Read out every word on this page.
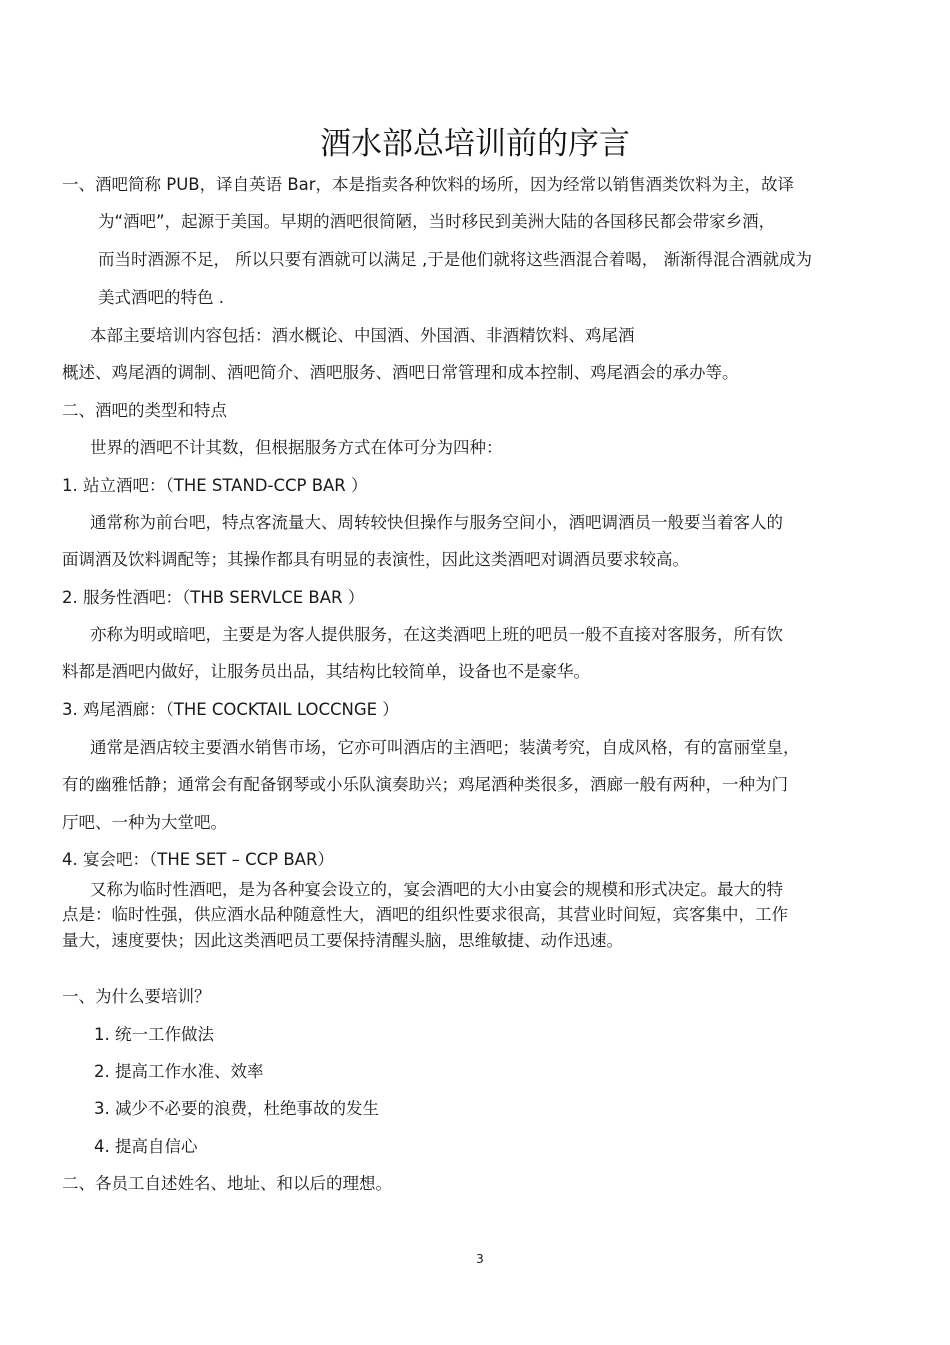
酒水部总培训前的序言
一、酒吧简称 PUB，译自英语 Bar，本是指卖各种饮料的场所，因为经常以销售酒类饮料为主，故译
为“酒吧”，起源于美国。早期的酒吧很简陋，当时移民到美洲大陆的各国移民都会带家乡酒，
而当时酒源不足， 所以只要有酒就可以满足 ,于是他们就将这些酒混合着喝， 渐渐得混合酒就成为
美式酒吧的特色 .
本部主要培训内容包括：酒水概论、中国酒、外国酒、非酒精饮料、鸡尾酒
概述、鸡尾酒的调制、酒吧简介、酒吧服务、酒吧日常管理和成本控制、鸡尾酒会的承办等。
二、酒吧的类型和特点
世界的酒吧不计其数，但根据服务方式在体可分为四种：
1. 站立酒吧：（THE STAND-CCP BAR ）
通常称为前台吧，特点客流量大、周转较快但操作与服务空间小，酒吧调酒员一般要当着客人的
面调酒及饮料调配等；其操作都具有明显的表演性，因此这类酒吧对调酒员要求较高。
2. 服务性酒吧：（THB SERVLCE BAR ）
亦称为明或暗吧，主要是为客人提供服务，在这类酒吧上班的吧员一般不直接对客服务，所有饮
料都是酒吧内做好，让服务员出品，其结构比较简单，设备也不是豪华。
3. 鸡尾酒廊：（THE COCKTAIL LOCCNGE ）
通常是酒店较主要酒水销售市场，它亦可叫酒店的主酒吧；装潢考究，自成风格，有的富丽堂皇，
有的幽雅恬静；通常会有配备钢琴或小乐队演奏助兴；鸡尾酒种类很多，酒廊一般有两种，一种为门
厅吧、一种为大堂吧。
4. 宴会吧：（THE SET – CCP BAR）
又称为临时性酒吧，是为各种宴会设立的，宴会酒吧的大小由宴会的规模和形式决定。最大的特
点是：临时性强，供应酒水品种随意性大，酒吧的组织性要求很高，其营业时间短，宾客集中，工作
量大，速度要快；因此这类酒吧员工要保持清醒头脑，思维敏捷、动作迅速。
一、为什么要培训？
1. 统一工作做法
2. 提高工作水准、效率
3. 减少不必要的浪费，杜绝事故的发生
4. 提高自信心
二、各员工自述姓名、地址、和以后的理想。
3
